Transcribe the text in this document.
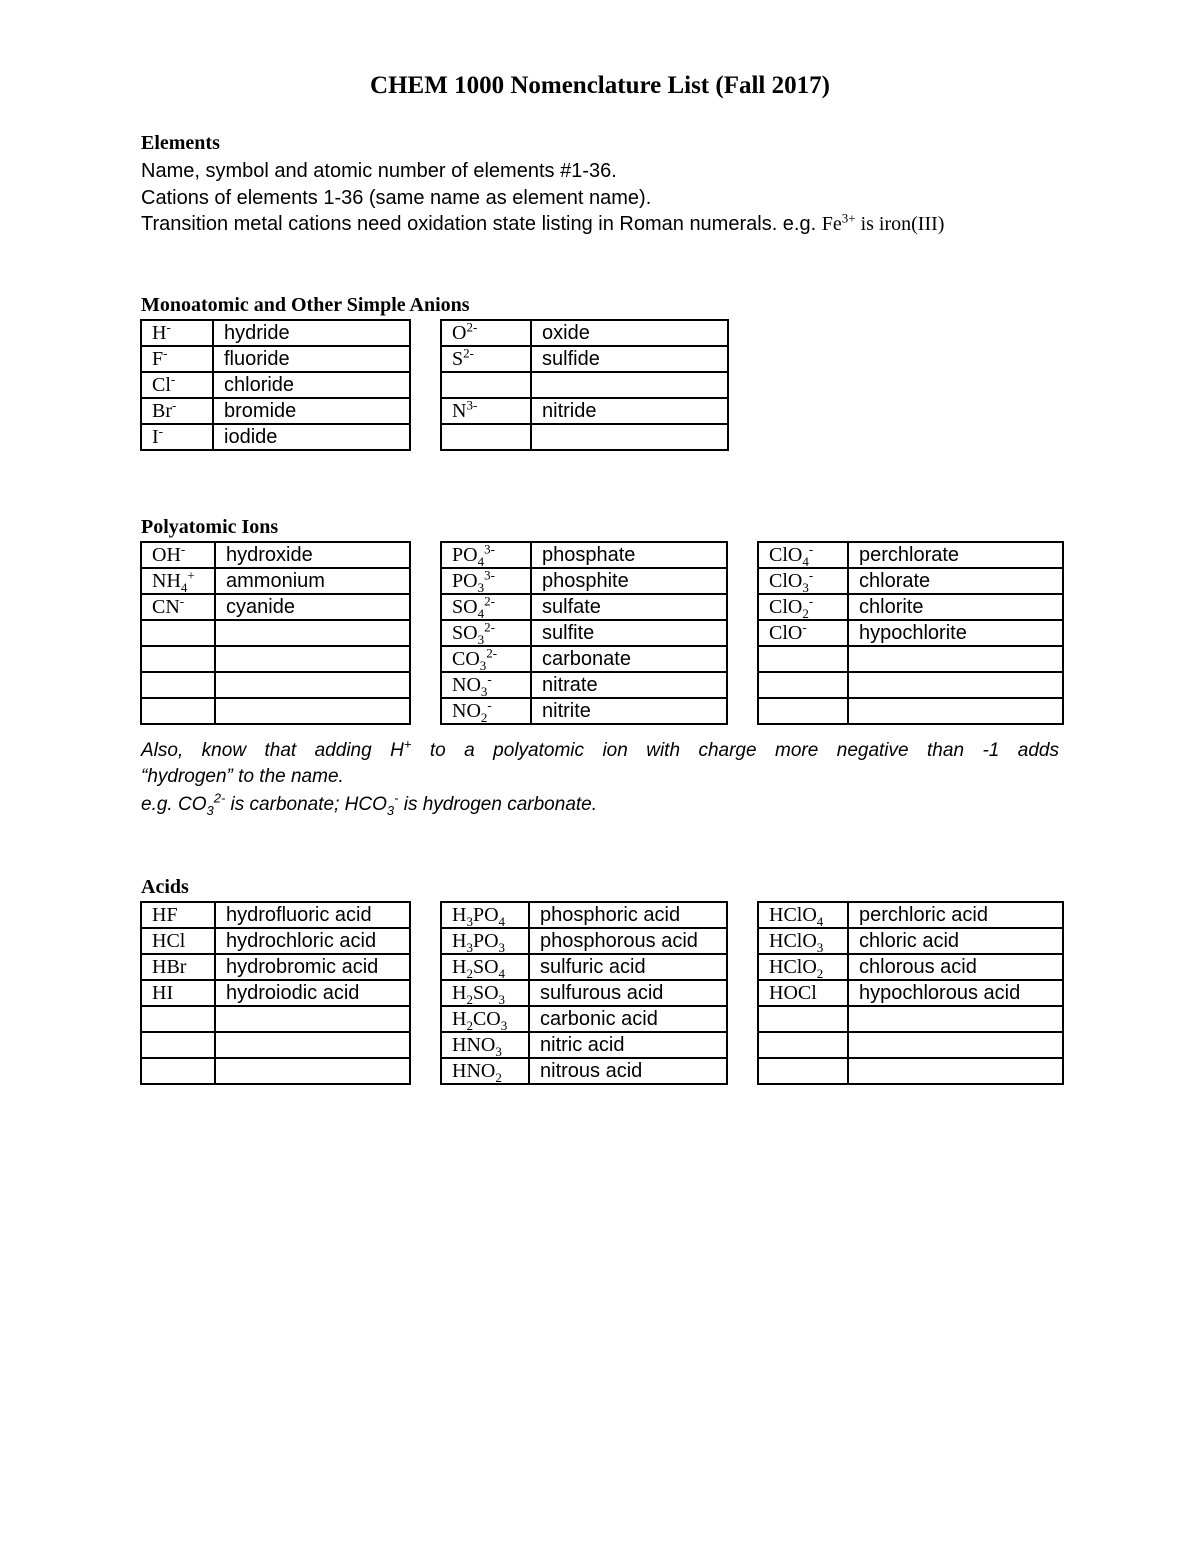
CHEM 1000 Nomenclature List (Fall 2017)
Elements
Name, symbol and atomic number of elements #1-36.
Cations of elements 1-36 (same name as element name).
Transition metal cations need oxidation state listing in Roman numerals. e.g. $Fe^{3+}$ is iron(III)
Monoatomic and Other Simple Anions
H-	hydride
F-	fluoride
Cl-	chloride
Br-	bromide
I-	iodide
$O^{2-}$	oxide
$S^{2-}$	sulfide

$N^{3-}$	nitride

Polyatomic Ions
OH-	hydroxide
$NH_4^+$	ammonium
CN-	cyanide

$PO_4^{3-}$	phosphate
$PO_3^{3-}$	phosphite
$SO_4^{2-}$	sulfate
$SO_3^{2-}$	sulfite
$CO_3^{2-}$	carbonate
$NO_3^-$	nitrate
$NO_2^-$	nitrite
ClO$_4$-	perchlorate
ClO$_3$-	chlorate
ClO$_2$-	chlorite
ClO-	hypochlorite

Also, know that adding H+ to a polyatomic ion with charge more negative than -1 adds
“hydrogen” to the name.
e.g. $CO_3^{2-}$ is carbonate; $HCO_3^-$ is hydrogen carbonate.
Acids
HF	hydrofluoric acid
HCl	hydrochloric acid
HBr	hydrobromic acid
HI	hydroiodic acid

$H_3PO_4$	phosphoric acid
$H_3PO_3$	phosphorous acid
$H_2SO_4$	sulfuric acid
$H_2SO_3$	sulfurous acid
$H_2CO_3$	carbonic acid
$HNO_3$	nitric acid
$HNO_2$	nitrous acid
HClO$_4$	perchloric acid
HClO$_3$	chloric acid
HClO$_2$	chlorous acid
HOCl	hypochlorous acid
